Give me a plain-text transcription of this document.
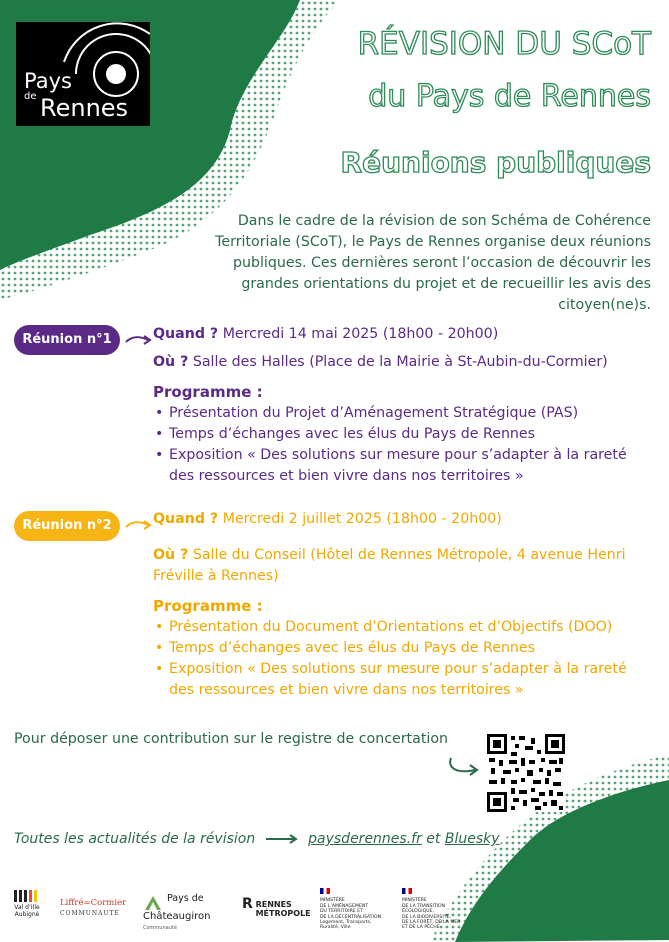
Pays
de Rennes
RÉVISION DU SCoT
du Pays de Rennes
Réunions publiques
Dans le cadre de la révision de son Schéma de Cohérence Territoriale (SCoT), le Pays de Rennes organise deux réunions publiques. Ces dernières seront l’occasion de découvrir les grandes orientations du projet et de recueillir les avis des citoyen(ne)s.
Réunion n°1	Quand ? Mercredi 14 mai 2025 (18h00 - 20h00)
Où ? Salle des Halles (Place de la Mairie à St-Aubin-du-Cormier)
Programme :
• Présentation du Projet d’Aménagement Stratégique (PAS)
• Temps d’échanges avec les élus du Pays de Rennes
• Exposition « Des solutions sur mesure pour s’adapter à la rareté des ressources et bien vivre dans nos territoires »
Réunion n°2	Quand ? Mercredi 2 juillet 2025 (18h00 - 20h00)
Où ? Salle du Conseil (Hôtel de Rennes Métropole, 4 avenue Henri Fréville à Rennes)
Programme :
• Présentation du Document d’Orientations et d’Objectifs (DOO)
• Temps d’échanges avec les élus du Pays de Rennes
• Exposition « Des solutions sur mesure pour s’adapter à la rareté des ressources et bien vivre dans nos territoires »
Pour déposer une contribution sur le registre de concertation
Toutes les actualités de la révision	paysderennes.fr et Bluesky
Val d’Ille Aubigné
Liffré=Cormier
COMMUNAUTÉ
Pays de
Châteaugiron
Communauté
R RENNES
MÉTROPOLE
MINISTÈRE
DE L’AMÉNAGEMENT
DU TERRITOIRE ET
DE LA DÉCENTRALISATION
Logement, Transports,
Ruralité, Ville
MINISTÈRE
DE LA TRANSITION
ÉCOLOGIQUE,
DE LA BIODIVERSITÉ,
DE LA FORÊT, DE LA MER
ET DE LA PÊCHE
